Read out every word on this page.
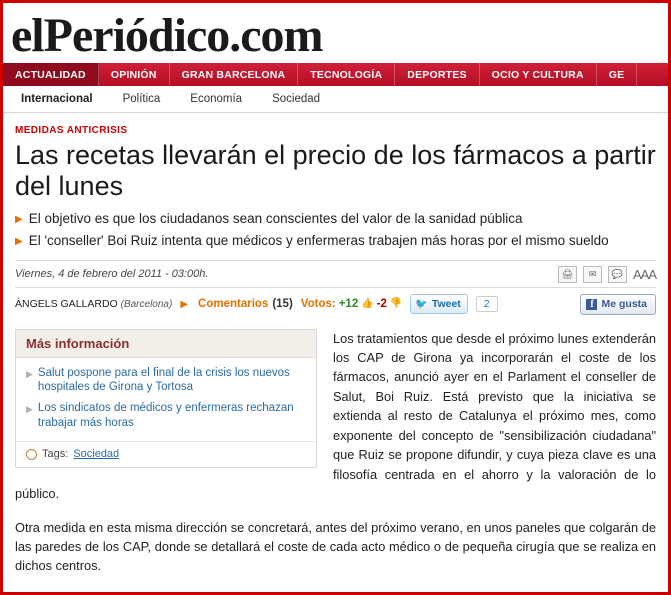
elPeriódico.com
ACTUALIDAD	OPINIÓN	GRAN BARCELONA	TECNOLOGÍA	DEPORTES	OCIO Y CULTURA	GE
Internacional	Política	Economía	Sociedad
MEDIDAS ANTICRISIS
Las recetas llevarán el precio de los fármacos a partir del lunes
▶ El objetivo es que los ciudadanos sean conscientes del valor de la sanidad pública
▶ El 'conseller' Boi Ruiz intenta que médicos y enfermeras trabajen más horas por el mismo sueldo
Viernes, 4 de febrero del 2011 - 03:00h.	🖨	✉	💬 AAA
ÀNGELS GALLARDO (Barcelona) ▶ Comentarios (15) Votos: +12 👍 -2 👎 🐦 Tweet	2	f Me gusta
Más información
▶ Salut pospone para el final de la crisis los nuevos hospitales de Girona y Tortosa
▶ Los sindicatos de médicos y enfermeras rechazan trabajar más horas
Tags: Sociedad

Los tratamientos que desde el próximo lunes extenderán los CAP de Girona ya incorporarán el coste de los fármacos, anunció ayer en el Parlament el conseller de Salut, Boi Ruiz. Está previsto que la iniciativa se extienda al resto de Catalunya el próximo mes, como exponente del concepto de "sensibilización ciudadana" que Ruiz se propone difundir, y cuya pieza clave es una filosofía centrada en el ahorro y la valoración de lo público.

Otra medida en esta misma dirección se concretará, antes del próximo verano, en unos paneles que colgarán de las paredes de los CAP, donde se detallará el coste de cada acto médico o de pequeña cirugía que se realiza en dichos centros.
